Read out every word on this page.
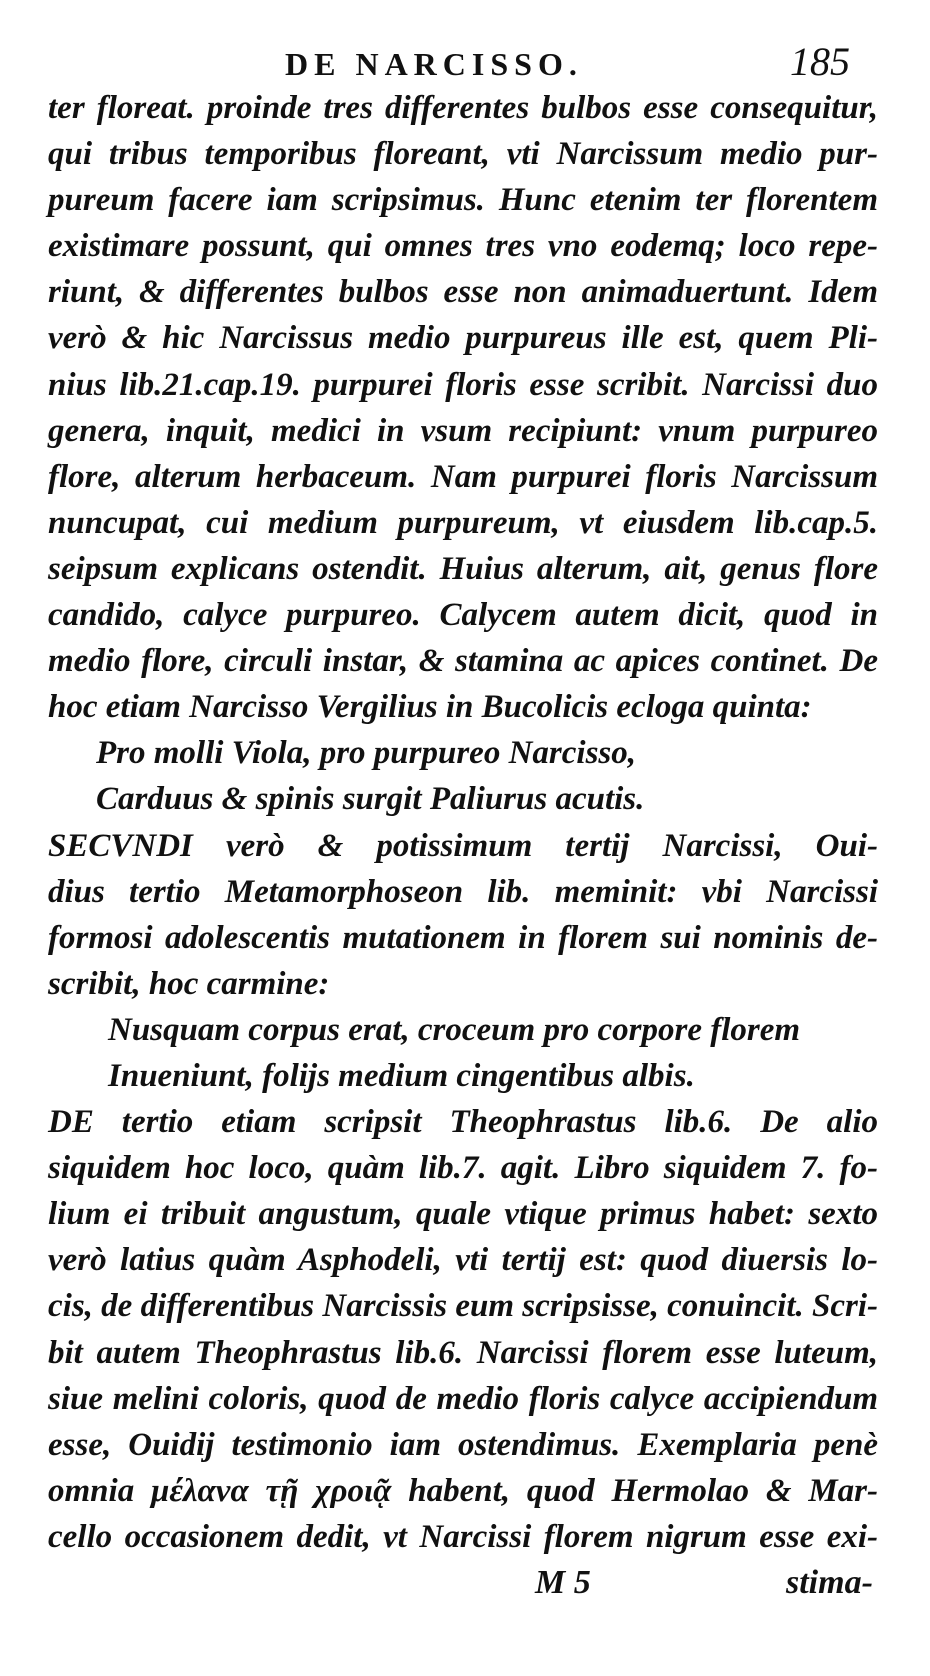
DE NARCISSO.	185
ter floreat. proinde tres differentes bulbos esse consequitur,
qui tribus temporibus floreant, vti Narcissum medio pur-
pureum facere iam scripsimus. Hunc etenim ter florentem
existimare possunt, qui omnes tres vno eodemq; loco repe-
riunt, & differentes bulbos esse non animaduertunt. Idem
verò & hic Narcissus medio purpureus ille est, quem Pli-
nius lib.21.cap.19. purpurei floris esse scribit. Narcissi duo
genera, inquit, medici in vsum recipiunt: vnum purpureo
flore, alterum herbaceum. Nam purpurei floris Narcissum
nuncupat, cui medium purpureum, vt eiusdem lib.cap.5.
seipsum explicans ostendit. Huius alterum, ait, genus flore
candido, calyce purpureo. Calycem autem dicit, quod in
medio flore, circuli instar, & stamina ac apices continet. De
hoc etiam Narcisso Vergilius in Bucolicis ecloga quinta:
Pro molli Viola, pro purpureo Narcisso,
Carduus & spinis surgit Paliurus acutis.
SECVNDI verò & potissimum tertij Narcissi, Oui-
dius tertio Metamorphoseon lib. meminit: vbi Narcissi
formosi adolescentis mutationem in florem sui nominis de-
scribit, hoc carmine:
Nusquam corpus erat, croceum pro corpore florem
Inueniunt, folijs medium cingentibus albis.
DE tertio etiam scripsit Theophrastus lib.6. De alio
siquidem hoc loco, quàm lib.7. agit. Libro siquidem 7. fo-
lium ei tribuit angustum, quale vtique primus habet: sexto
verò latius quàm Asphodeli, vti tertij est: quod diuersis lo-
cis, de differentibus Narcissis eum scripsisse, conuincit. Scri-
bit autem Theophrastus lib.6. Narcissi florem esse luteum,
siue melini coloris, quod de medio floris calyce accipiendum
esse, Ouidij testimonio iam ostendimus. Exemplaria penè
omnia μέλανα τῇ χροιᾷ habent, quod Hermolao & Mar-
cello occasionem dedit, vt Narcissi florem nigrum esse exi-
M 5	stima-
